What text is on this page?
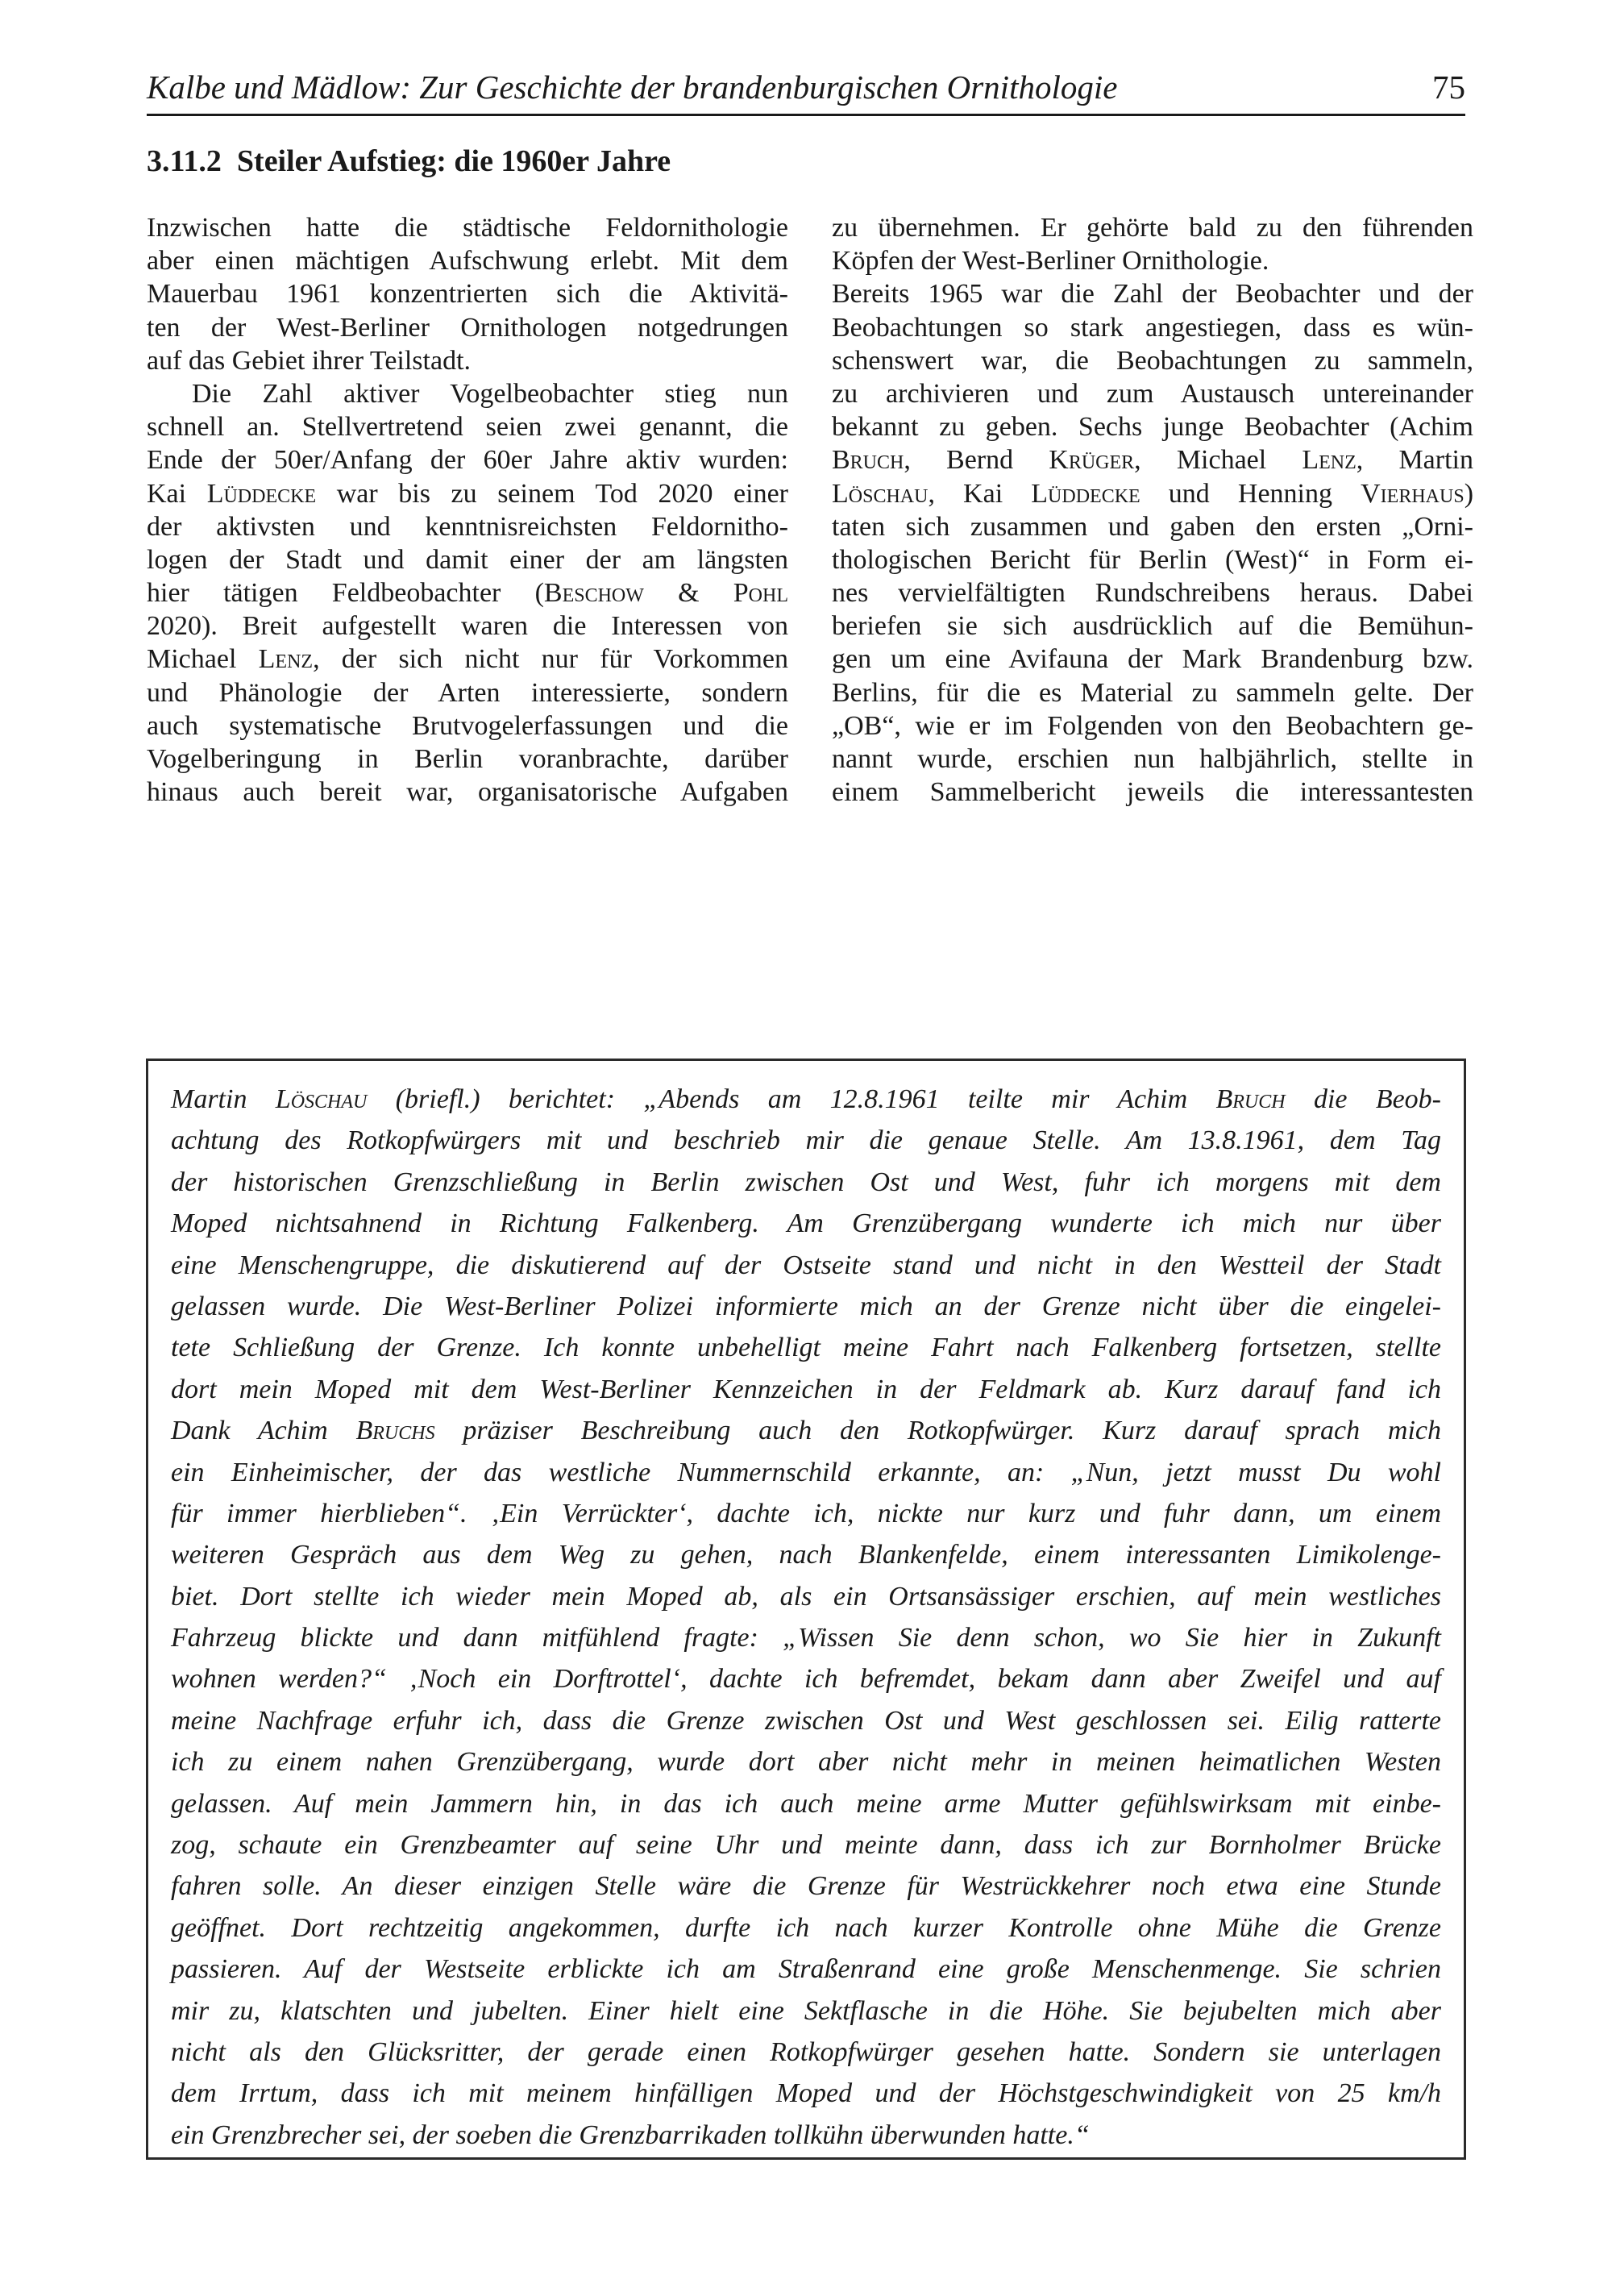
Kalbe und Mädlow: Zur Geschichte der brandenburgischen Ornithologie	75
3.11.2 Steiler Aufstieg: die 1960er Jahre
Inzwischen hatte die städtische Feldornithologie
aber einen mächtigen Aufschwung erlebt. Mit dem
Mauerbau 1961 konzentrierten sich die Aktivitä-
ten der West-Berliner Ornithologen notgedrungen
auf das Gebiet ihrer Teilstadt.
Die Zahl aktiver Vogelbeobachter stieg nun
schnell an. Stellvertretend seien zwei genannt, die
Ende der 50er/Anfang der 60er Jahre aktiv wurden:
Kai Lüddecke war bis zu seinem Tod 2020 einer
der aktivsten und kenntnisreichsten Feldornitho-
logen der Stadt und damit einer der am längsten
hier tätigen Feldbeobachter (Beschow & Pohl
2020). Breit aufgestellt waren die Interessen von
Michael Lenz, der sich nicht nur für Vorkommen
und Phänologie der Arten interessierte, sondern
auch systematische Brutvogelerfassungen und die
Vogelberingung in Berlin voranbrachte, darüber
hinaus auch bereit war, organisatorische Aufgaben
zu übernehmen. Er gehörte bald zu den führenden
Köpfen der West-Berliner Ornithologie.
Bereits 1965 war die Zahl der Beobachter und der
Beobachtungen so stark angestiegen, dass es wün-
schenswert war, die Beobachtungen zu sammeln,
zu archivieren und zum Austausch untereinander
bekannt zu geben. Sechs junge Beobachter (Achim
Bruch, Bernd Krüger, Michael Lenz, Martin
Löschau, Kai Lüddecke und Henning Vierhaus)
taten sich zusammen und gaben den ersten „Orni-
thologischen Bericht für Berlin (West)“ in Form ei-
nes vervielfältigten Rundschreibens heraus. Dabei
beriefen sie sich ausdrücklich auf die Bemühun-
gen um eine Avifauna der Mark Brandenburg bzw.
Berlins, für die es Material zu sammeln gelte. Der
„OB“, wie er im Folgenden von den Beobachtern ge-
nannt wurde, erschien nun halbjährlich, stellte in
einem Sammelbericht jeweils die interessantesten
Martin Löschau (briefl.) berichtet: „Abends am 12.8.1961 teilte mir Achim Bruch die Beob-
achtung des Rotkopfwürgers mit und beschrieb mir die genaue Stelle. Am 13.8.1961, dem Tag
der historischen Grenzschließung in Berlin zwischen Ost und West, fuhr ich morgens mit dem
Moped nichtsahnend in Richtung Falkenberg. Am Grenzübergang wunderte ich mich nur über
eine Menschengruppe, die diskutierend auf der Ostseite stand und nicht in den Westteil der Stadt
gelassen wurde. Die West-Berliner Polizei informierte mich an der Grenze nicht über die eingelei-
tete Schließung der Grenze. Ich konnte unbehelligt meine Fahrt nach Falkenberg fortsetzen, stellte
dort mein Moped mit dem West-Berliner Kennzeichen in der Feldmark ab. Kurz darauf fand ich
Dank Achim Bruchs präziser Beschreibung auch den Rotkopfwürger. Kurz darauf sprach mich
ein Einheimischer, der das westliche Nummernschild erkannte, an: „Nun, jetzt musst Du wohl
für immer hierblieben“. ‚Ein Verrückter‘, dachte ich, nickte nur kurz und fuhr dann, um einem
weiteren Gespräch aus dem Weg zu gehen, nach Blankenfelde, einem interessanten Limikolenge-
biet. Dort stellte ich wieder mein Moped ab, als ein Ortsansässiger erschien, auf mein westliches
Fahrzeug blickte und dann mitfühlend fragte: „Wissen Sie denn schon, wo Sie hier in Zukunft
wohnen werden?“ ‚Noch ein Dorftrottel‘, dachte ich befremdet, bekam dann aber Zweifel und auf
meine Nachfrage erfuhr ich, dass die Grenze zwischen Ost und West geschlossen sei. Eilig ratterte
ich zu einem nahen Grenzübergang, wurde dort aber nicht mehr in meinen heimatlichen Westen
gelassen. Auf mein Jammern hin, in das ich auch meine arme Mutter gefühlswirksam mit einbe-
zog, schaute ein Grenzbeamter auf seine Uhr und meinte dann, dass ich zur Bornholmer Brücke
fahren solle. An dieser einzigen Stelle wäre die Grenze für Westrückkehrer noch etwa eine Stunde
geöffnet. Dort rechtzeitig angekommen, durfte ich nach kurzer Kontrolle ohne Mühe die Grenze
passieren. Auf der Westseite erblickte ich am Straßenrand eine große Menschenmenge. Sie schrien
mir zu, klatschten und jubelten. Einer hielt eine Sektflasche in die Höhe. Sie bejubelten mich aber
nicht als den Glücksritter, der gerade einen Rotkopfwürger gesehen hatte. Sondern sie unterlagen
dem Irrtum, dass ich mit meinem hinfälligen Moped und der Höchstgeschwindigkeit von 25 km/h
ein Grenzbrecher sei, der soeben die Grenzbarrikaden tollkühn überwunden hatte.“
